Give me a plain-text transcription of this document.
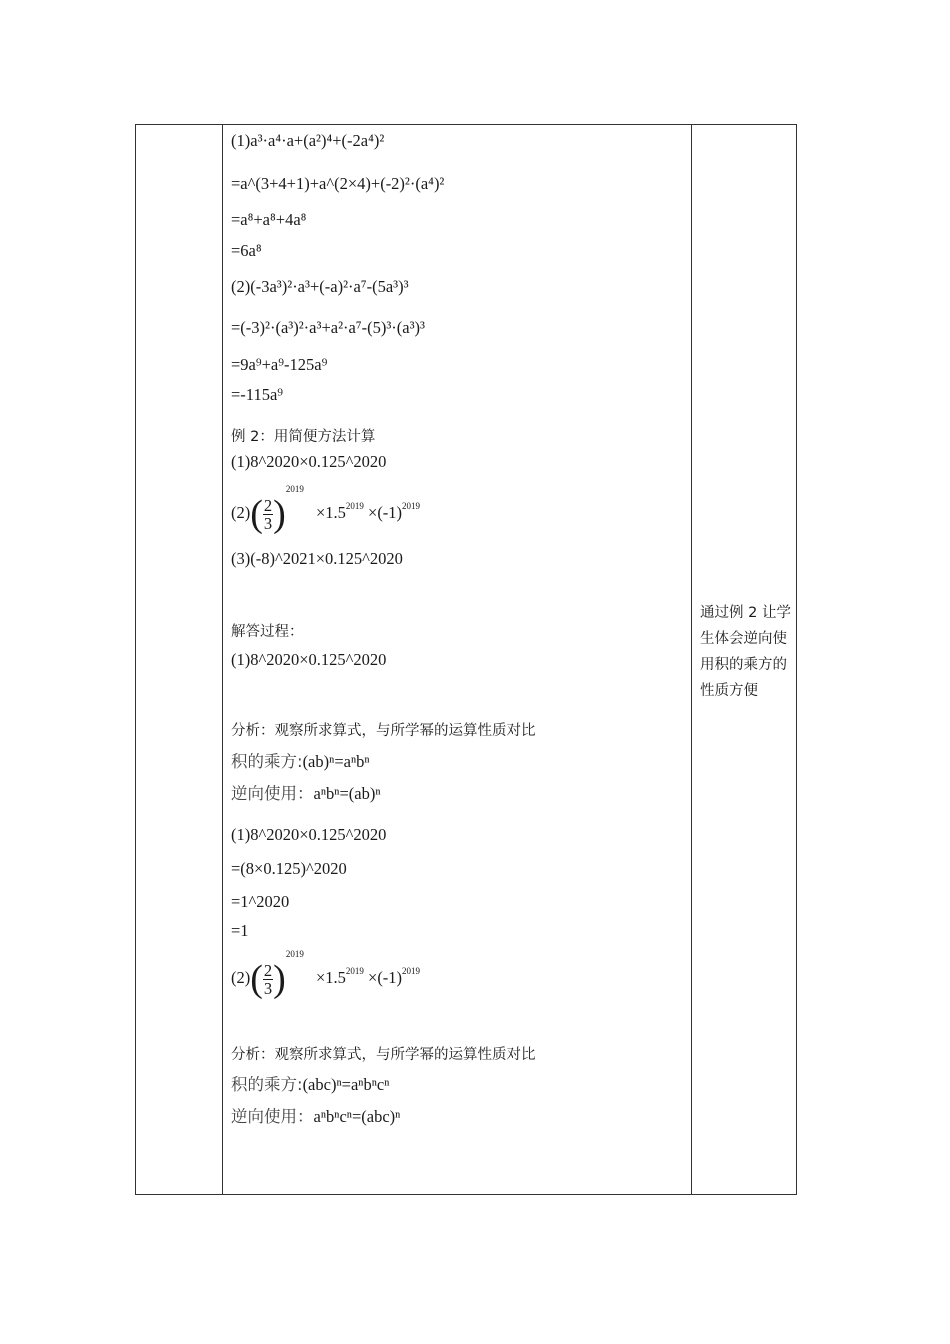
(1)a³·a⁴·a+(a²)⁴+(-2a⁴)²
=a^(3+4+1)+a^(2×4)+(-2)²·(a⁴)²
=a⁸+a⁸+4a⁸
=6a⁸
(2)(-3a³)²·a³+(-a)²·a⁷-(5a³)³
=(-3)²·(a³)²·a³+a²·a⁷-(5)³·(a³)³
=9a⁹+a⁹-125a⁹
=-115a⁹
例 2：用简便方法计算
(1)8^2020×0.125^2020
$(2)( \frac{2}{3} )^{2019} \times 1.5^{2019} \times(-1)^{2019}$
(3)(-8)^2021×0.125^2020
解答过程：
(1)8^2020×0.125^2020
分析：观察所求算式，与所学幂的运算性质对比
积的乘方:(ab)ⁿ=aⁿbⁿ
逆向使用：aⁿbⁿ=(ab)ⁿ
(1)8^2020×0.125^2020
=(8×0.125)^2020
=1^2020
=1
$(2)( \frac{2}{3} )^{2019} \times 1.5^{2019} \times(-1)^{2019}$
分析：观察所求算式，与所学幂的运算性质对比
积的乘方:(abc)ⁿ=aⁿbⁿcⁿ
逆向使用：aⁿbⁿcⁿ=(abc)ⁿ
通过例 2 让学生体会逆向使用积的乘方的性质方便
